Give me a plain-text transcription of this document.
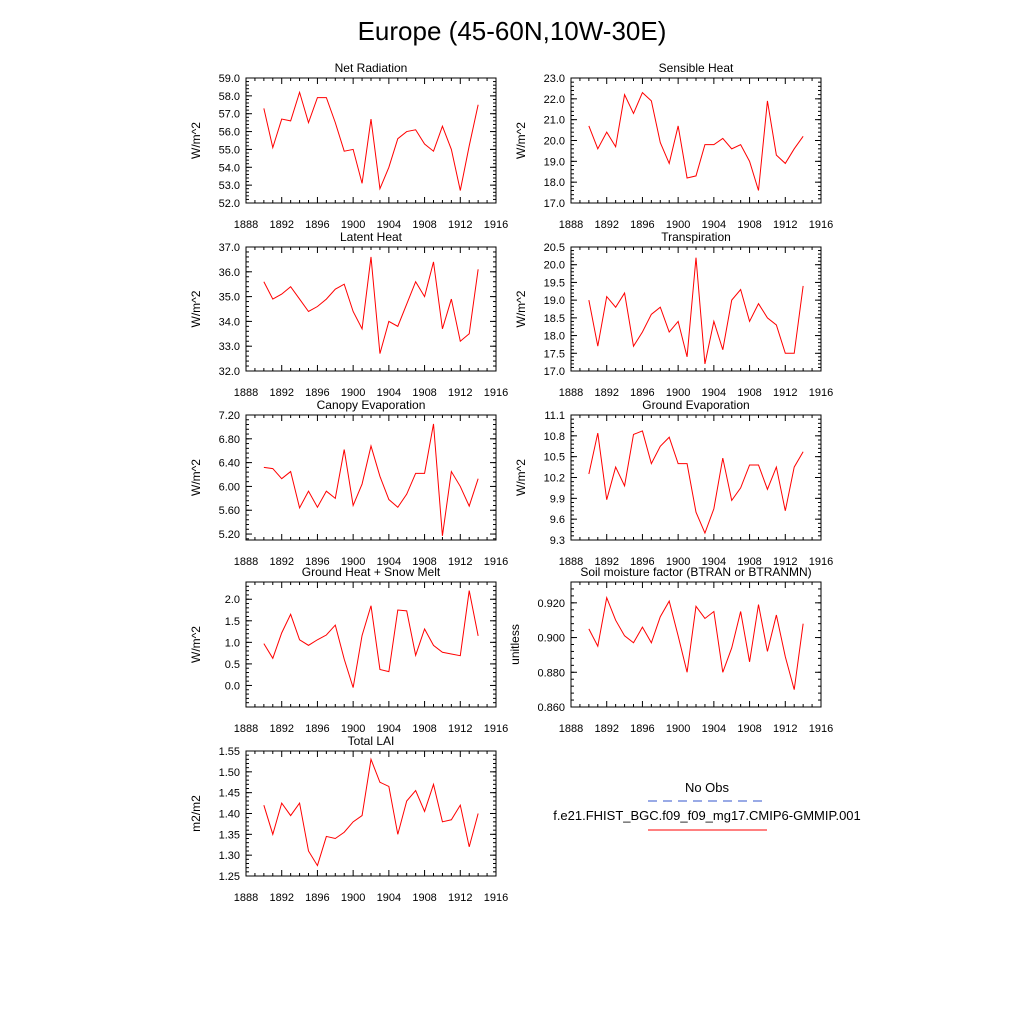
Europe (45-60N,10W-30E)
Net Radiation
1888 1892 1896 1900 1904 1908 1912 1916
52.0
53.0
54.0
55.0
56.0
57.0
58.0
59.0
W/m^2
Sensible Heat
1888 1892 1896 1900 1904 1908 1912 1916
17.0
18.0
19.0
20.0
21.0
22.0
23.0
W/m^2
Latent Heat
1888 1892 1896 1900 1904 1908 1912 1916
32.0
33.0
34.0
35.0
36.0
37.0
W/m^2
Transpiration
1888 1892 1896 1900 1904 1908 1912 1916
17.0
17.5
18.0
18.5
19.0
19.5
20.0
20.5
W/m^2
Canopy Evaporation
1888 1892 1896 1900 1904 1908 1912 1916
5.20
5.60
6.00
6.40
6.80
7.20
W/m^2
Ground Evaporation
1888 1892 1896 1900 1904 1908 1912 1916
9.3
9.6
9.9
10.2
10.5
10.8
11.1
W/m^2
Ground Heat + Snow Melt
1888 1892 1896 1900 1904 1908 1912 1916
0.0
0.5
1.0
1.5
2.0
W/m^2
Soil moisture factor (BTRAN or BTRANMN)
1888 1892 1896 1900 1904 1908 1912 1916
0.860
0.880
0.900
0.920
unitless
Total LAI
1888 1892 1896 1900 1904 1908 1912 1916
1.25
1.30
1.35
1.40
1.45
1.50
1.55
m2/m2
No Obs
f.e21.FHIST_BGC.f09_f09_mg17.CMIP6-GMMIP.001
